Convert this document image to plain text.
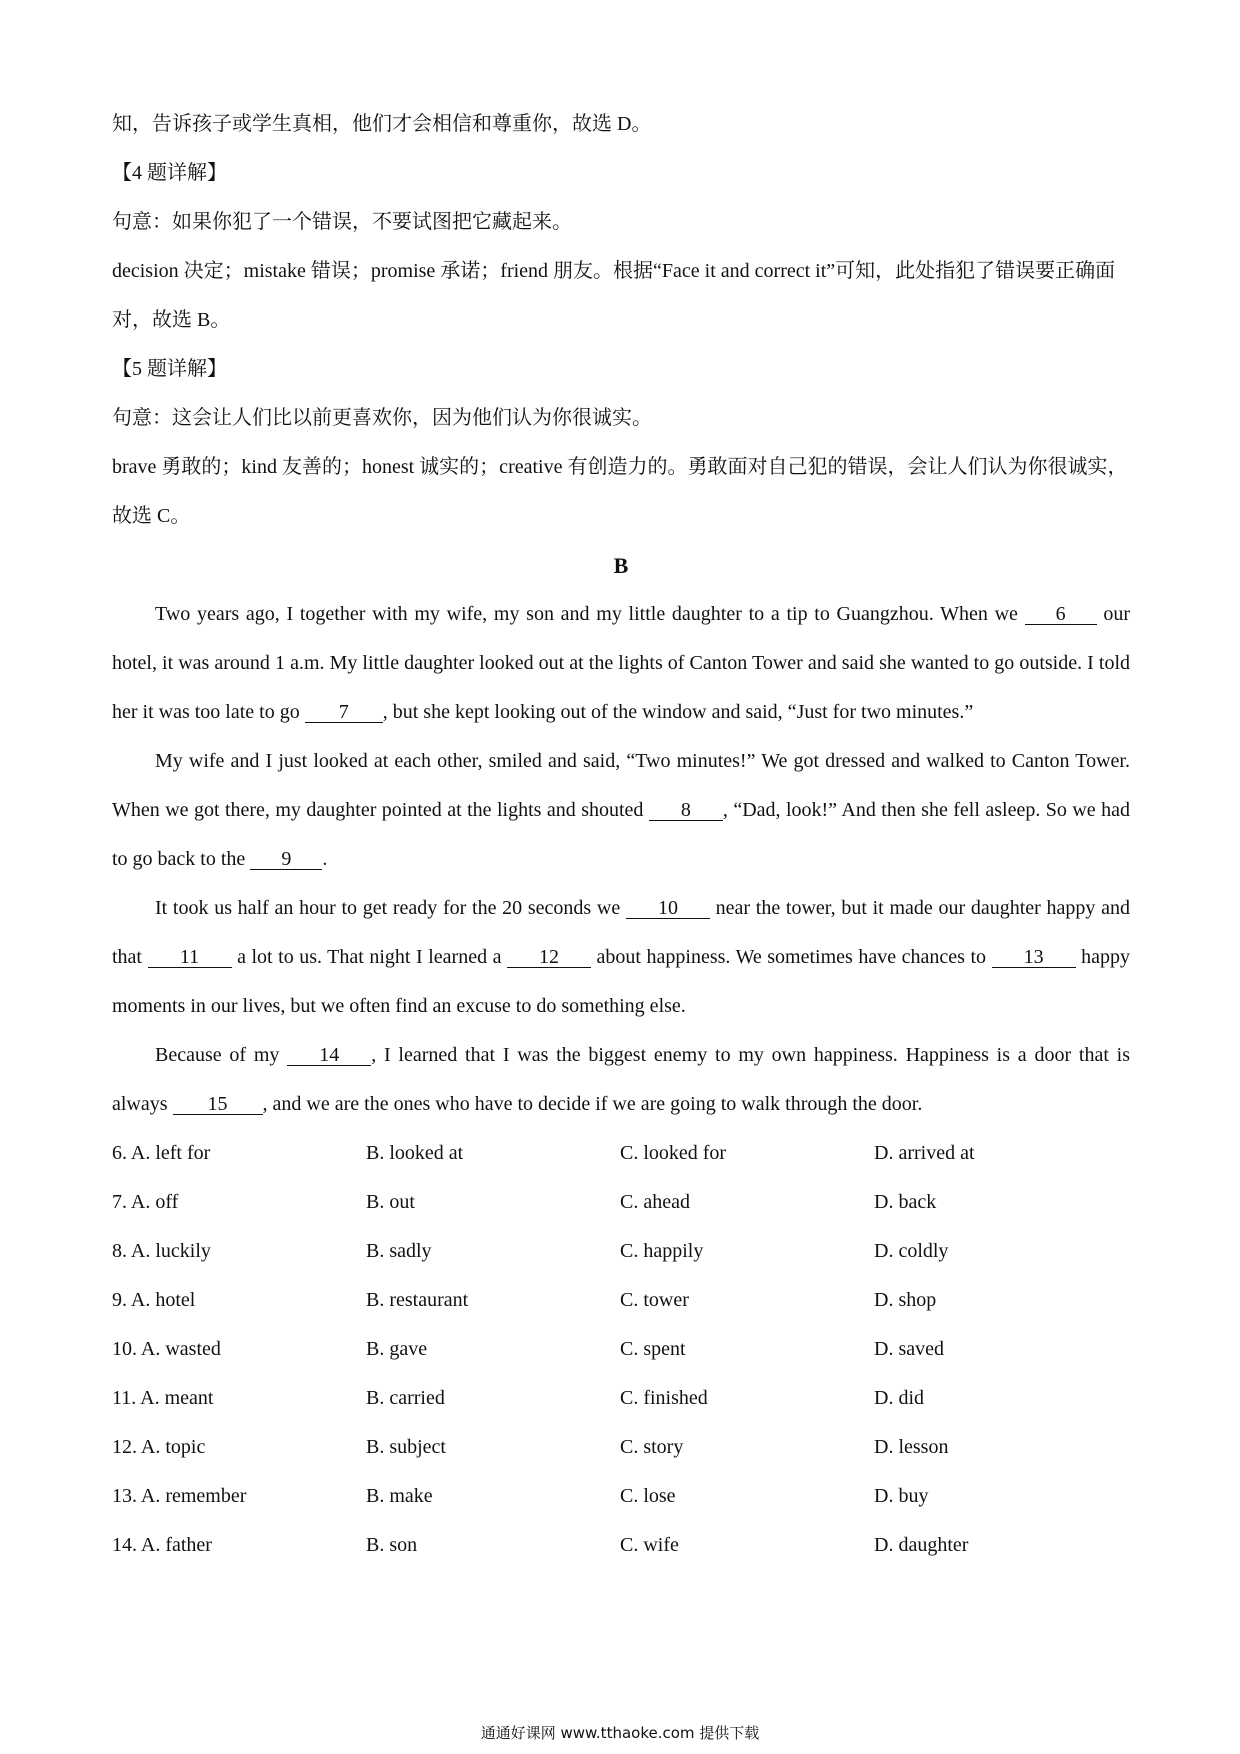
知，告诉孩子或学生真相，他们才会相信和尊重你，故选 D。
【4 题详解】
句意：如果你犯了一个错误，不要试图把它藏起来。
decision 决定；mistake 错误；promise 承诺；friend 朋友。根据“Face it and correct it”可知，此处指犯了错误要正确面对，故选 B。
【5 题详解】
句意：这会让人们比以前更喜欢你，因为他们认为你很诚实。
brave 勇敢的；kind 友善的；honest 诚实的；creative 有创造力的。勇敢面对自己犯的错误，会让人们认为你很诚实，故选 C。
B

Two years ago, I together with my wife, my son and my little daughter to a tip to Guangzhou. When we 6 our hotel, it was around 1 a.m. My little daughter looked out at the lights of Canton Tower and said she wanted to go outside. I told her it was too late to go 7 , but she kept looking out of the window and said, “Just for two minutes.”

My wife and I just looked at each other, smiled and said, “Two minutes!” We got dressed and walked to Canton Tower. When we got there, my daughter pointed at the lights and shouted 8 , “Dad, look!” And then she fell asleep. So we had to go back to the 9 .

It took us half an hour to get ready for the 20 seconds we 10 near the tower, but it made our daughter happy and that 11 a lot to us. That night I learned a 12 about happiness. We sometimes have chances to 13 happy moments in our lives, but we often find an excuse to do something else.

Because of my 14 , I learned that I was the biggest enemy to my own happiness. Happiness is a door that is always 15 , and we are the ones who have to decide if we are going to walk through the door.

6. A. left for	B. looked at	C. looked for	D. arrived at
7. A. off	B. out	C. ahead	D. back
8. A. luckily	B. sadly	C. happily	D. coldly
9. A. hotel	B. restaurant	C. tower	D. shop
10. A. wasted	B. gave	C. spent	D. saved
11. A. meant	B. carried	C. finished	D. did
12. A. topic	B. subject	C. story	D. lesson
13. A. remember	B. make	C. lose	D. buy
14. A. father	B. son	C. wife	D. daughter
通通好课网 www.tthaoke.com 提供下载
